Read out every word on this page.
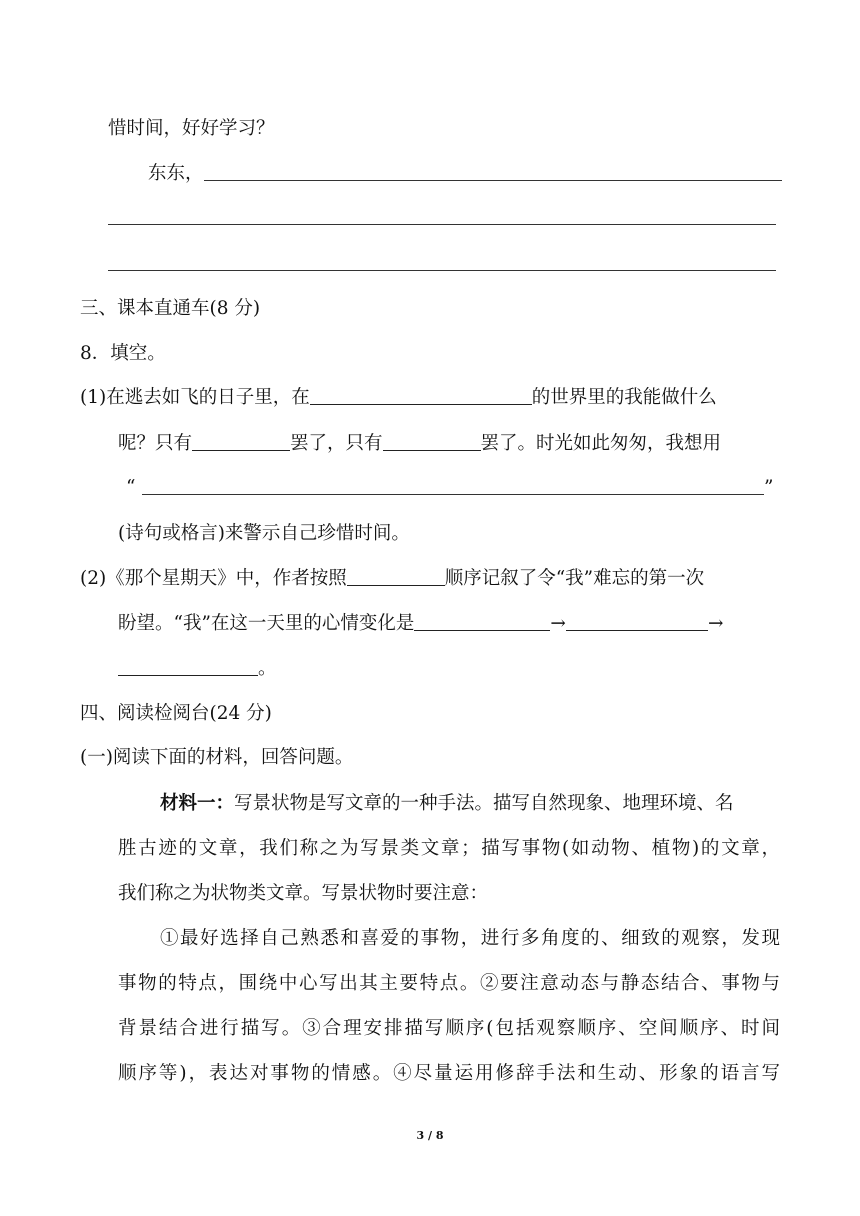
惜时间，好好学习？
东东，
三、课本直通车(8 分)
8．填空。
(1)在逃去如飞的日子里，在	的世界里的我能做什么
呢？只有	罢了，只有	罢了。时光如此匆匆，我想用
“	”
(诗句或格言)来警示自己珍惜时间。
(2)《那个星期天》中，作者按照	顺序记叙了令“我”难忘的第一次
盼望。“我”在这一天里的心情变化是	→	→
。
四、阅读检阅台(24 分)
(一)阅读下面的材料，回答问题。
材料一：写景状物是写文章的一种手法。描写自然现象、地理环境、名
胜古迹的文章，我们称之为写景类文章；描写事物(如动物、植物)的文章，
我们称之为状物类文章。写景状物时要注意：
①最好选择自己熟悉和喜爱的事物，进行多角度的、细致的观察，发现
事物的特点，围绕中心写出其主要特点。②要注意动态与静态结合、事物与
背景结合进行描写。③合理安排描写顺序(包括观察顺序、空间顺序、时间
顺序等)，表达对事物的情感。④尽量运用修辞手法和生动、形象的语言写
3 / 8
